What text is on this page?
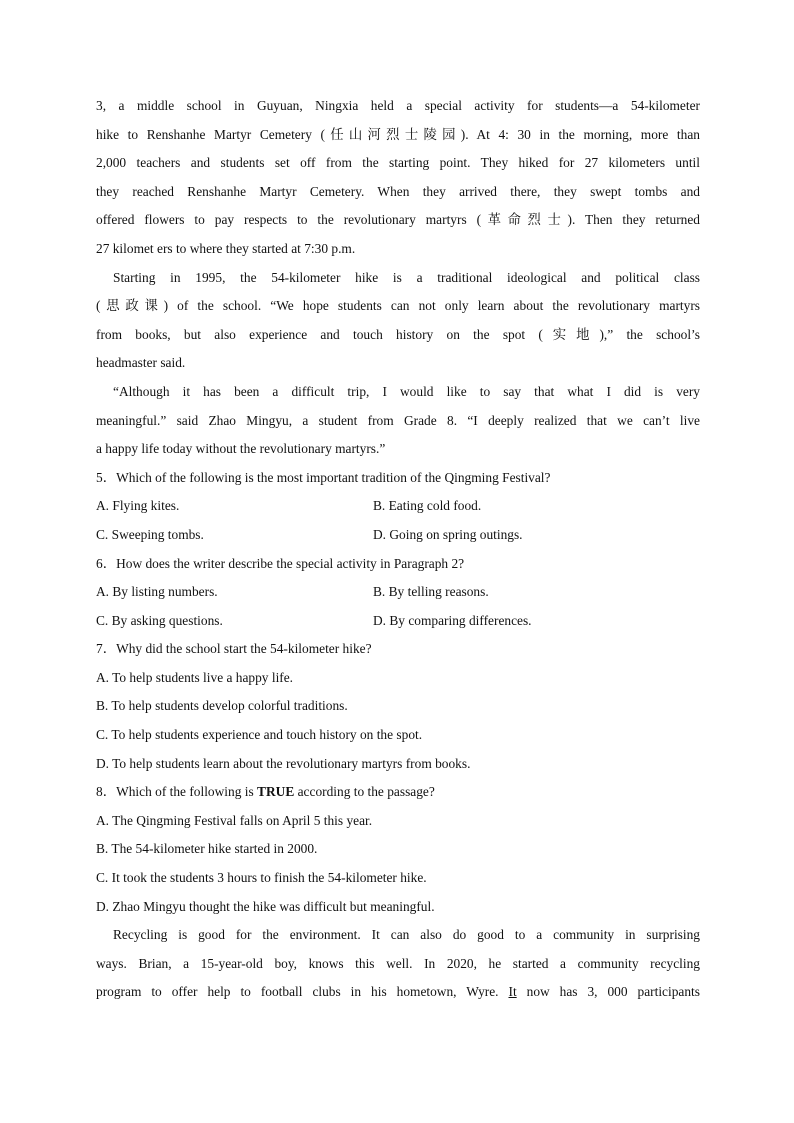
3, a middle school in Guyuan, Ningxia held a special activity for students—a 54-kilometer
hike to Renshanhe Martyr Cemetery (任山河烈士陵园). At 4: 30 in the morning, more than
2,000 teachers and students set off from the starting point. They hiked for 27 kilometers until
they reached Renshanhe Martyr Cemetery. When they arrived there, they swept tombs and
offered flowers to pay respects to the revolutionary martyrs (革命烈士). Then they returned
27 kilomet ers to where they started at 7:30 p.m.
Starting in 1995, the 54-kilometer hike is a traditional ideological and political class
(思政课) of the school. “We hope students can not only learn about the revolutionary martyrs
from books, but also experience and touch history on the spot (实地),” the school’s
headmaster said.
“Although it has been a difficult trip, I would like to say that what I did is very
meaningful.” said Zhao Mingyu, a student from Grade 8. “I deeply realized that we can’t live
a happy life today without the revolutionary martyrs.”
5．Which of the following is the most important tradition of the Qingming Festival?
A. Flying kites.	B. Eating cold food.
C. Sweeping tombs.	D. Going on spring outings.
6．How does the writer describe the special activity in Paragraph 2?
A. By listing numbers.	B. By telling reasons.
C. By asking questions.	D. By comparing differences.
7．Why did the school start the 54-kilometer hike?
A. To help students live a happy life.
B. To help students develop colorful traditions.
C. To help students experience and touch history on the spot.
D. To help students learn about the revolutionary martyrs from books.
8．Which of the following is TRUE according to the passage?
A. The Qingming Festival falls on April 5 this year.
B. The 54-kilometer hike started in 2000.
C. It took the students 3 hours to finish the 54-kilometer hike.
D. Zhao Mingyu thought the hike was difficult but meaningful.
Recycling is good for the environment. It can also do good to a community in surprising
ways. Brian, a 15-year-old boy, knows this well. In 2020, he started a community recycling
program to offer help to football clubs in his hometown, Wyre. It now has 3, 000 participants
